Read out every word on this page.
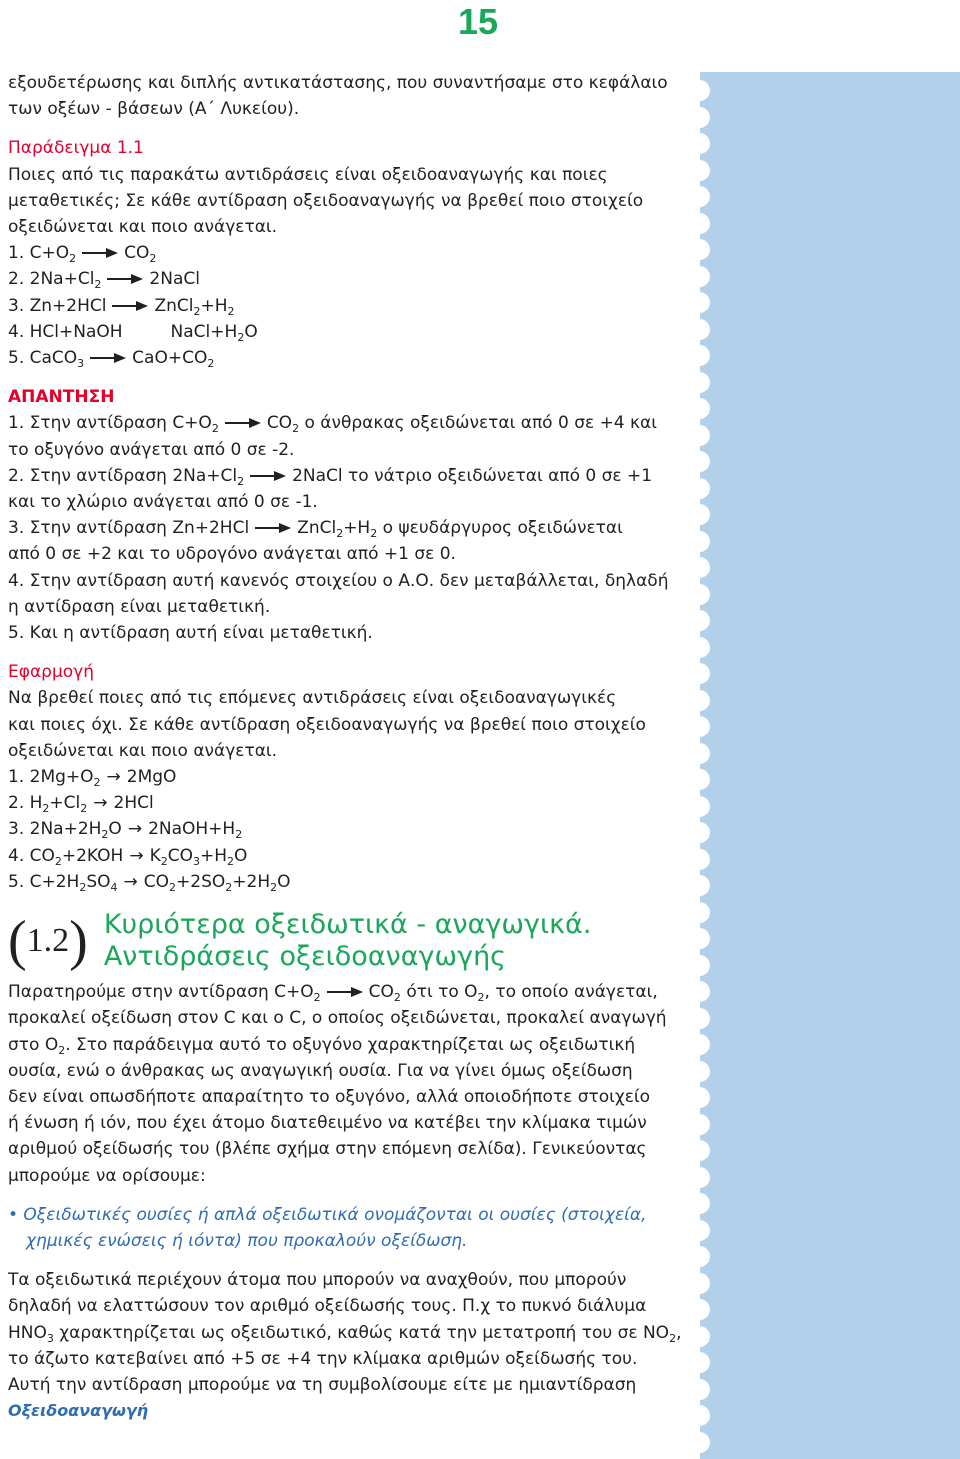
15
εξουδετέρωσης και διπλής αντικατάστασης, που συναντήσαμε στο κεφάλαιο
των οξέων - βάσεων (Α΄ Λυκείου).
Παράδειγμα 1.1
Ποιες από τις παρακάτω αντιδράσεις είναι οξειδοαναγωγής και ποιες
μεταθετικές; Σε κάθε αντίδραση οξειδοαναγωγής να βρεθεί ποιο στοιχείο
οξειδώνεται και ποιο ανάγεται.
1. $C+O_2$	$CO_2$
2. $2Na+Cl_2$	2NaCl
3. Zn+2HCl	$ZnCl_2+H_2$
4. HCl+NaOH	$NaCl+H_2O$
5. CaCO$_3$	$CaO+CO_2$
ΑΠΑΝΤΗΣΗ
1. Στην αντίδραση $C+O_2$	$CO_2$ ο άνθρακας οξειδώνεται από 0 σε +4 και
το οξυγόνο ανάγεται από 0 σε -2.
2. Στην αντίδραση $2Na+Cl_2$	2NaCl το νάτριο οξειδώνεται από 0 σε +1
και το χλώριο ανάγεται από 0 σε -1.
3. Στην αντίδραση Zn+2HCl	$ZnCl_2+H_2$ ο ψευδάργυρος οξειδώνεται
από 0 σε +2 και το υδρογόνο ανάγεται από +1 σε 0.
4. Στην αντίδραση αυτή κανενός στοιχείου ο Α.Ο. δεν μεταβάλλεται, δηλαδή
η αντίδραση είναι μεταθετική.
5. Και η αντίδραση αυτή είναι μεταθετική.
Εφαρμογή
Να βρεθεί ποιες από τις επόμενες αντιδράσεις είναι οξειδοαναγωγικές
και ποιες όχι. Σε κάθε αντίδραση οξειδοαναγωγής να βρεθεί ποιο στοιχείο
οξειδώνεται και ποιο ανάγεται.
1. $2Mg+O_2 \to 2MgO$
2. $H_2+Cl_2 \to 2HCl$
3. $2Na+2H_2O$ → $2NaOH+H_2$
4. $CO_2+2KOH \to K_2CO_3+H_2O$
5. $C+2H_2SO_4 \to CO_2+2SO_2+2H_2O$
( 1.2 ) Κυριότερα οξειδωτικά - αναγωγικά.
Αντιδράσεις οξειδοαναγωγής
Παρατηρούμε στην αντίδραση $C+O_2$	$CO_2$ ότι το $O_2$, το οποίο ανάγεται,
προκαλεί οξείδωση στον C και ο C, ο οποίος οξειδώνεται, προκαλεί αναγωγή
στο $O_2$. Στο παράδειγμα αυτό το οξυγόνο χαρακτηρίζεται ως οξειδωτική
ουσία, ενώ ο άνθρακας ως αναγωγική ουσία. Για να γίνει όμως οξείδωση
δεν είναι οπωσδήποτε απαραίτητο το οξυγόνο, αλλά οποιοδήποτε στοιχείο
ή ένωση ή ιόν, που έχει άτομο διατεθειμένο να κατέβει την κλίμακα τιμών
αριθμού οξείδωσής του (βλέπε σχήμα στην επόμενη σελίδα). Γενικεύοντας
μπορούμε να ορίσουμε:
• Οξειδωτικές ουσίες ή απλά οξειδωτικά ονομάζονται οι ουσίες (στοιχεία,
χημικές ενώσεις ή ιόντα) που προκαλούν οξείδωση.
Τα οξειδωτικά περιέχουν άτομα που μπορούν να αναχθούν, που μπορούν
δηλαδή να ελαττώσουν τον αριθμό οξείδωσής τους. Π.χ το πυκνό διάλυμα
$HNO_3$ χαρακτηρίζεται ως οξειδωτικό, καθώς κατά την μετατροπή του σε $NO_2$,
το άζωτο κατεβαίνει από +5 σε +4 την κλίμακα αριθμών οξείδωσής του.
Αυτή την αντίδραση μπορούμε να τη συμβολίσουμε είτε με ημιαντίδραση
Οξειδοαναγωγή
